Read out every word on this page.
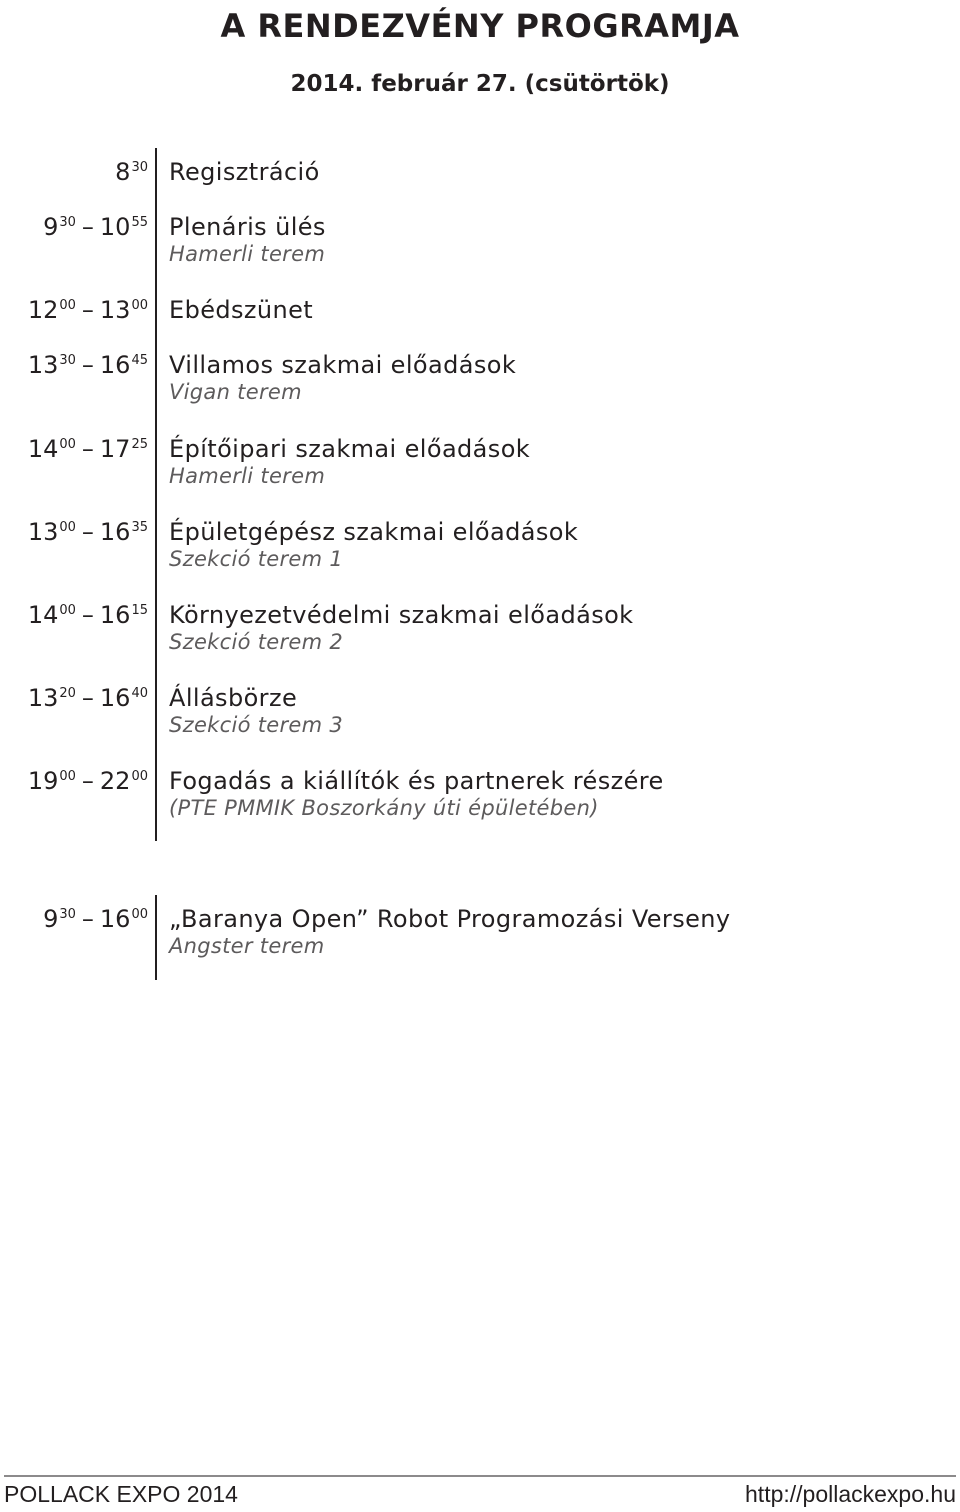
A RENDEZVÉNY PROGRAMJA
2014. február 27. (csütörtök)
$8^{30}$ Regisztráció
$9^{30} - 10^{55}$ Plenáris ülés
Hamerli terem
$12^{00} - 13^{00}$ Ebédszünet
$13^{30} - 16^{45}$ Villamos szakmai előadások
Vigan terem
$14^{00} - 17^{25}$ Építőipari szakmai előadások
Hamerli terem
$13^{00} - 16^{35}$ Épületgépész szakmai előadások
Szekció terem 1
$14^{00} - 16^{15}$ Környezetvédelmi szakmai előadások
Szekció terem 2
$13^{20} - 16^{40}$ Állásbörze
Szekció terem 3
$19^{00} - 22^{00}$ Fogadás a kiállítók és partnerek részére
(PTE PMMIK Boszorkány úti épületében)
$9^{30} - 16^{00}$ „Baranya Open” Robot Programozási Verseny
Angster terem
POLLACK EXPO 2014	http://pollackexpo.hu
